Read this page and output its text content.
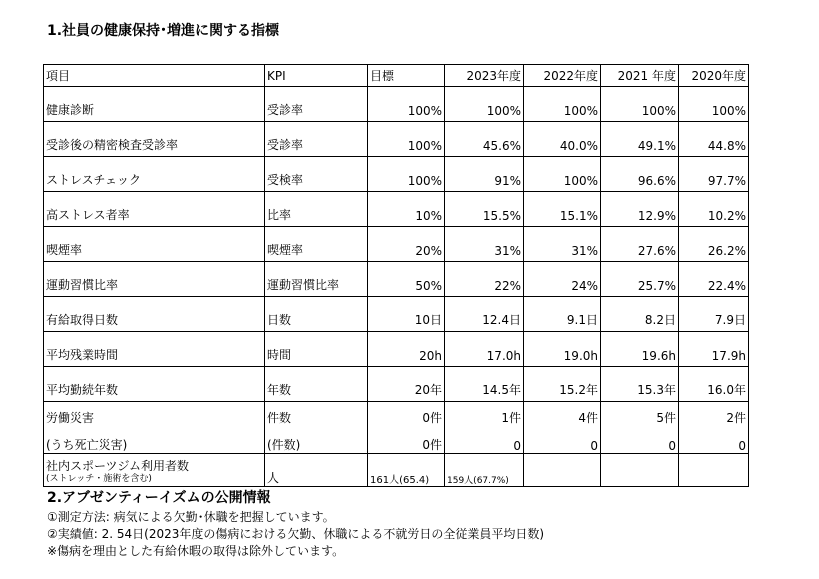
1.社員の健康保持･増進に関する指標
項目	KPI	目標	2023年度	2022年度	2021 年度	2020年度
健康診断	受診率	100%	100%	100%	100%	100%
受診後の精密検査受診率	受診率	100%	45.6%	40.0%	49.1%	44.8%
ストレスチェック	受検率	100%	91%	100%	96.6%	97.7%
高ストレス者率	比率	10%	15.5%	15.1%	12.9%	10.2%
喫煙率	喫煙率	20%	31%	31%	27.6%	26.2%
運動習慣比率	運動習慣比率	50%	22%	24%	25.7%	22.4%
有給取得日数	日数	10日	12.4日	9.1日	8.2日	7.9日
平均残業時間	時間	20h	17.0h	19.0h	19.6h	17.9h
平均勤続年数	年数	20年	14.5年	15.2年	15.3年	16.0年
労働災害	件数	0件	1件	4件	5件	2件
(うち死亡災害)	(件数)	0件	0	0	0	0

社内スポーツジム利用者数
(ストレッチ・施術を含む)	人	161人(65.4)	159人(67.7%)			
2.アブゼンティーイズムの公開情報
①測定方法: 病気による欠勤･休職を把握しています。
②実績値: 2. 54日(2023年度の傷病における欠勤、休職による不就労日の全従業員平均日数)
※傷病を理由とした有給休暇の取得は除外しています。
